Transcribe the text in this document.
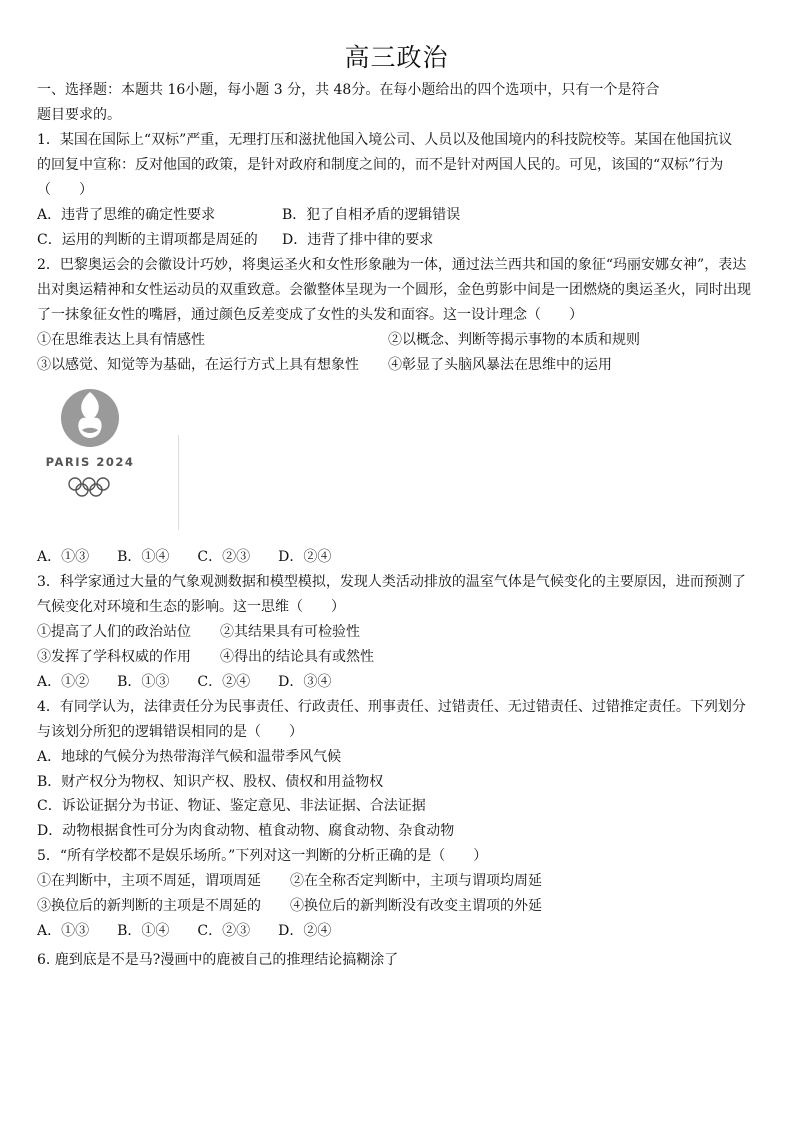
高三政治
一、选择题：本题共 16小题，每小题 3 分，共 48分。在每小题给出的四个选项中，只有一个是符合
题目要求的。
1．某国在国际上“双标”严重，无理打压和滋扰他国入境公司、人员以及他国境内的科技院校等。某国在他国抗议
的回复中宣称：反对他国的政策，是针对政府和制度之间的，而不是针对两国人民的。可见，该国的“双标”行为
（　　）
A．违背了思维的确定性要求	B．犯了自相矛盾的逻辑错误
C．运用的判断的主谓项都是周延的 D．违背了排中律的要求
2．巴黎奥运会的会徽设计巧妙，将奥运圣火和女性形象融为一体，通过法兰西共和国的象征“玛丽安娜女神”，表达
出对奥运精神和女性运动员的双重致意。会徽整体呈现为一个圆形，金色剪影中间是一团燃烧的奥运圣火，同时出现
了一抹象征女性的嘴唇，通过颜色反差变成了女性的头发和面容。这一设计理念（　　）
①在思维表达上具有情感性	②以概念、判断等揭示事物的本质和规则
③以感觉、知觉等为基础，在运行方式上具有想象性 ④彰显了头脑风暴法在思维中的运用
PARIS 2024
A．①③　　B．①④　　C．②③　　D．②④
3．科学家通过大量的气象观测数据和模型模拟，发现人类活动排放的温室气体是气候变化的主要原因，进而预测了
气候变化对环境和生态的影响。这一思维（　　）
①提高了人们的政治站位 ②其结果具有可检验性
③发挥了学科权威的作用 ④得出的结论具有或然性
A．①②　　B．①③　　C．②④　　D．③④
4．有同学认为，法律责任分为民事责任、行政责任、刑事责任、过错责任、无过错责任、过错推定责任。下列划分
与该划分所犯的逻辑错误相同的是（　　）
A．地球的气候分为热带海洋气候和温带季风气候
B．财产权分为物权、知识产权、股权、债权和用益物权
C．诉讼证据分为书证、物证、鉴定意见、非法证据、合法证据
D．动物根据食性可分为肉食动物、植食动物、腐食动物、杂食动物
5．“所有学校都不是娱乐场所。”下列对这一判断的分析正确的是（　　）
①在判断中，主项不周延，谓项周延 ②在全称否定判断中，主项与谓项均周延
③换位后的新判断的主项是不周延的 ④换位后的新判断没有改变主谓项的外延
A．①③　　B．①④　　C．②③　　D．②④
6. 鹿到底是不是马?漫画中的鹿被自己的推理结论搞糊涂了
